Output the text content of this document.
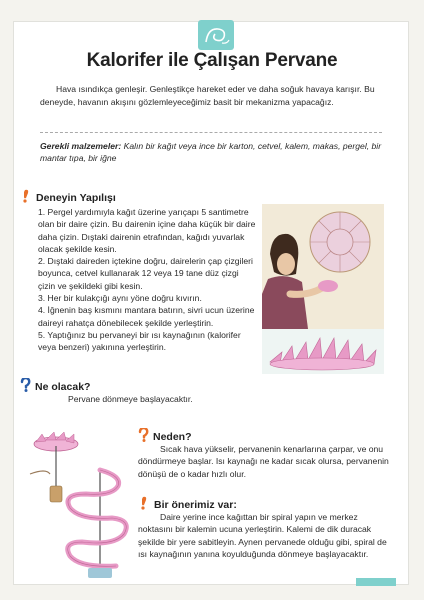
Kalorifer ile Çalışan Pervane

Hava ısındıkça genleşir. Genleştikçe hareket eder ve daha soğuk havaya karışır. Bu deneyde, havanın akışını gözlemleyeceğimiz basit bir mekanizma yapacağız.

Gerekli malzemeler: Kalın bir kağıt veya ince bir karton, cetvel, kalem, makas, pergel, bir mantar tıpa, bir iğne
Deneyin Yapılışı
1. Pergel yardımıyla kağıt üzerine yarıçapı 5 santimetre olan bir daire çizin. Bu dairenin içine daha küçük bir daire daha çizin. Dıştaki dairenin etrafından, kağıdı yuvarlak olacak şekilde kesin.
2. Dıştaki daireden içtekine doğru, dairelerin çap çizgileri boyunca, cetvel kullanarak 12 veya 19 tane düz çizgi çizin ve şekildeki gibi kesin.
3. Her bir kulakçığı aynı yöne doğru kıvırın.
4. İğnenin baş kısmını mantara batırın, sivri ucun üzerine daireyi rahatça dönebilecek şekilde yerleştirin.
5. Yaptığınız bu pervaneyi bir ısı kaynağının (kalorifer veya benzeri) yakınına yerleştirin.
Ne olacak?
Pervane dönmeye başlayacaktır.
Neden?
Sıcak hava yükselir, pervanenin kenarlarına çarpar, ve onu döndürmeye başlar. Isı kaynağı ne kadar sıcak olursa, pervanenin dönüşü de o kadar hızlı olur.
Bir önerimiz var:
Daire yerine ince kağıttan bir spiral yapın ve merkez noktasını bir kalemin ucuna yerleştirin. Kalemi de dik duracak şekilde bir yere sabitleyin. Aynen pervanede olduğu gibi, spiral de ısı kaynağının yanına koyulduğunda dönmeye başlayacaktır.
